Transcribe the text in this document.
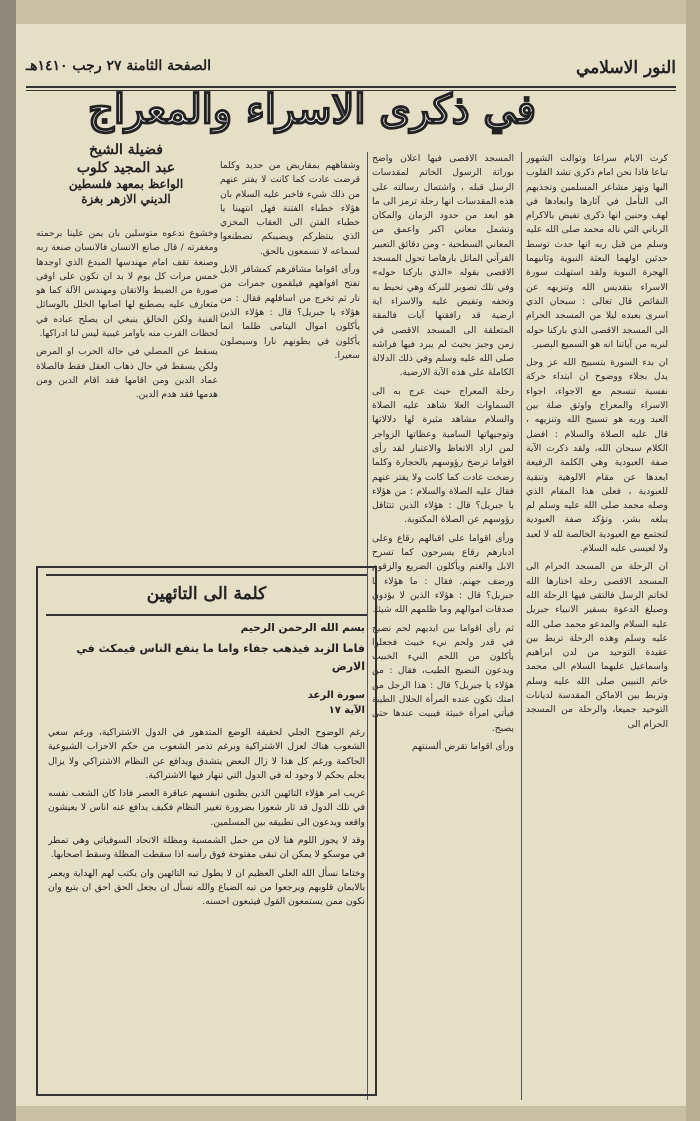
النور الاسلامي
الصفحة الثامنة ٢٧ رجب ١٤١٠هـ
في ذكرى الاسراء والمعراج
فضيلة الشيخ
عبد المجيد كلوب
الواعظ بمعهد فلسطين
الديني الازهر بغزة

كرت الايام سراعا وتوالت الشهور تباعا فاذا نحن امام ذكرى تشد القلوب اليها وتهز مشاعر المسلمين وتجذبهم الى التأمل في آثارها وابعادها في لهف وحنين انها ذكرى تفيض بالاكرام الرباني التي ناله محمد صلى الله عليه وسلم من قبل ربه انها حدث توسط حدثين اولهما البعثة النبوية وثانيهما الهجرة النبوية ولقد استهلت سورة الاسراء بتقديس الله وتنزيهه عن النقائص قال تعالى : سبحان الذي اسرى بعبده ليلا من المسجد الحرام الى المسجد الاقصى الذي باركنا حوله لنريه من آياتنا انه هو السميع البصير.

ان بدء السورة بتسبيح الله عز وجل يدل بجلاء ووضوح ان ابتداء حركة نفسية تنسجم مع الاجواء، اجواء الاسراء والمعراج واوثق صلة بين العبد وربه هو تسبيح الله وتنزيهه ، قال عليه الصلاة والسلام : افضل الكلام سبحان الله، ولقد ذكرت الآية صفة العبودية وهي الكلمة الرفيعة ابعدها عن مقام الالوهية وتنقية للعبودية ، فعلى هذا المقام الذي وصله محمد صلى الله عليه وسلم لم يبلغه بشر، وتؤكد صفة العبودية لتجتمع مع العبودية الخالصة لله لا لعبد ولا لعيسى عليه السلام.

ان الرحلة من المسجد الحرام الى المسجد الاقصى رحلة اختارها الله لخاتم الرسل فالتقى فيها الرحلة الله وصبلغ الدعوة بسفير الانبياء جبريل عليه السلام والمدعو محمد صلى الله عليه وسلم وهذه الرحلة تربط بين عقيدة التوحيد من لدن ابراهيم واسماعيل عليهما السلام الى محمد خاتم النبيين صلى الله عليه وسلم وتربط بين الاماكن المقدسة لديانات التوحيد جميعا، والرحلة من المسجد الحرام الى

المسجد الاقصى فيها اعلان واضح بوراثة الرسول الخاتم لمقدسات الرسل قبله ، واشتمال رسالته على هذه المقدسات انها رحلة ترمز الى ما هو ابعد من حدود الزمان والمكان وتشمل معاني اكبر واعمق من المعاني السطحية - ومن دقائق التعبير القرآني الماثل بارهاصا تحول المسجد الاقصى بقوله «الذي باركنا حوله» وفي تلك تصوير للبركة وهي تحيط به وتحفه وتفيض عليه والاسراء اية ارضية قد رافقتها آيات فالمقة المتعلقة الى المسجد الاقصى في زمن وجيز بحيث لم يبرد فيها فراشه صلى الله عليه وسلم وفي ذلك الدلالة الكاملة على هذه الآية الارضية.

رحلة المعراج حيث عرج به الى السماوات العلا شاهد عليه الصلاة والسلام مشاهد مثيرة لها دلالاتها وتوجيهاتها السامية وعظاتها الزواجر لمن اراد الاتعاظ والاعتبار لقد رأى اقواما ترضخ رؤوسهم بالحجارة وكلما رضخت عادت كما كانت ولا يفتر عنهم فقال عليه الصلاة والسلام : من هؤلاء يا جبريل؟ قال : هؤلاء الذين تتثاقل رؤوسهم عن الصلاة المكتوبة.

ورأى اقواما على اقبالهم رقاع وعلى ادبارهم رقاع يسرحون كما تسرح الابل والغنم ويأكلون الضريع والزقوم ورضف جهنم. فقال : ما هؤلاء يا جبريل؟ قال : هؤلاء الذين لا يؤدون صدقات اموالهم وما ظلمهم الله شيئا.

ثم رأى اقواما بين ايديهم لحم نضيج في قدر ولحم نيء خبيث فجعلوا يأكلون من اللحم النيء الخبيث ويدعون النضيج الطيب، فقال : من هؤلاء يا جبريل؟ قال : هذا الرجل من امتك تكون عنده المرأة الحلال الطيبة فيأتي امرأة خبيثة فيبيت عندها حتى يصبح.

ورأى اقواما تقرض ألسنتهم

وشفاههم بمقاريض من حديد وكلما قرضت عادت كما كانت لا يفتر عنهم من ذلك شيء فاخبر عليه السلام بان هؤلاء خطباء الفتنة فهل انتهينا يا خطباء الفتن الى العقاب المخزي الذي ينتظركم ويصيبكم تصطنعوا لسماعه لا تسمعون بالحق.

ورأى اقواما مشافرهم كمشافر الابل تفتح افواههم فيلقمون جمرات من نار ثم تخرج من اسافلهم فقال : من هؤلاء يا جبريل؟ قال : هؤلاء الذين يأكلون اموال اليتامى ظلما انما يأكلون في بطونهم نارا وسيصلون سعيرا.

وخشوع ندعوه متوسلين بان يمن علينا برحمته ومغفرته / قال صانع الانسان فالانسان صنعة ربه وصنعة تقف امام مهندسها المبدع الذي اوجدها خمس مرات كل يوم لا بد ان تكون على اوفى صورة من الضبط والاتقان ومهندس الآلة كما هو متعارف عليه يصطنع لها اصابها الخلل بالوسائل الفنية ولكن الخالق ينبغي ان يصلح عباده في لحظات القرب منه باوامر غيبية ليس لنا ادراكها.

يسقط عن المصلي في حالة الحرب او المرض ولكن يسقط في حال ذهاب العقل فقط فالصلاة عماد الدين ومن اقامها فقد اقام الدين ومن هدمها فقد هدم الدين.

كلمة الى التائهين
بسم الله الرحمن الرحيم
فاما الزبد فيذهب جفاء واما ما ينفع الناس فيمكث في الارض
سورة الرعد
الآية ١٧

رغم الوضوح الجلي لحقيقة الوضع المتدهور في الدول الاشتراكية، ورغم سعي الشعوب هناك لعزل الاشتراكية وبرغم تذمر الشعوب من حكم الاحزاب الشيوعية الحاكمة ورغم كل هذا لا زال البعض يتشدق ويدافع عن النظام الاشتراكي ولا يزال يحلم بحكم لا وجود له في الدول التي تنهار فيها الاشتراكية.

غريب امر هؤلاء التائهين الذين يظنون انفسهم عباقرة العصر فاذا كان الشعب نفسه في تلك الدول قد ثار شعورا بضرورة تغيير النظام فكيف يدافع عنه اناس لا يعيشون واقعه ويدعون الى تطبيقه بين المسلمين.

وقد لا يجوز اللوم هنا لان من حمل الشمسية ومظلة الاتحاد السوفياتي وهي تمطر في موسكو لا يمكن ان تبقى مفتوحة فوق رأسه اذا سقطت المظلة وسقط اصحابها.

وختاما نسأل الله العلي العظيم ان لا يطول تيه التائهين وان يكتب لهم الهداية ويعمر بالايمان قلوبهم ويرجعوا من تيه الضياع والله نسأل ان يجعل الحق احق ان يتبع وان نكون ممن يستمعون القول فيتبعون احسنه.
